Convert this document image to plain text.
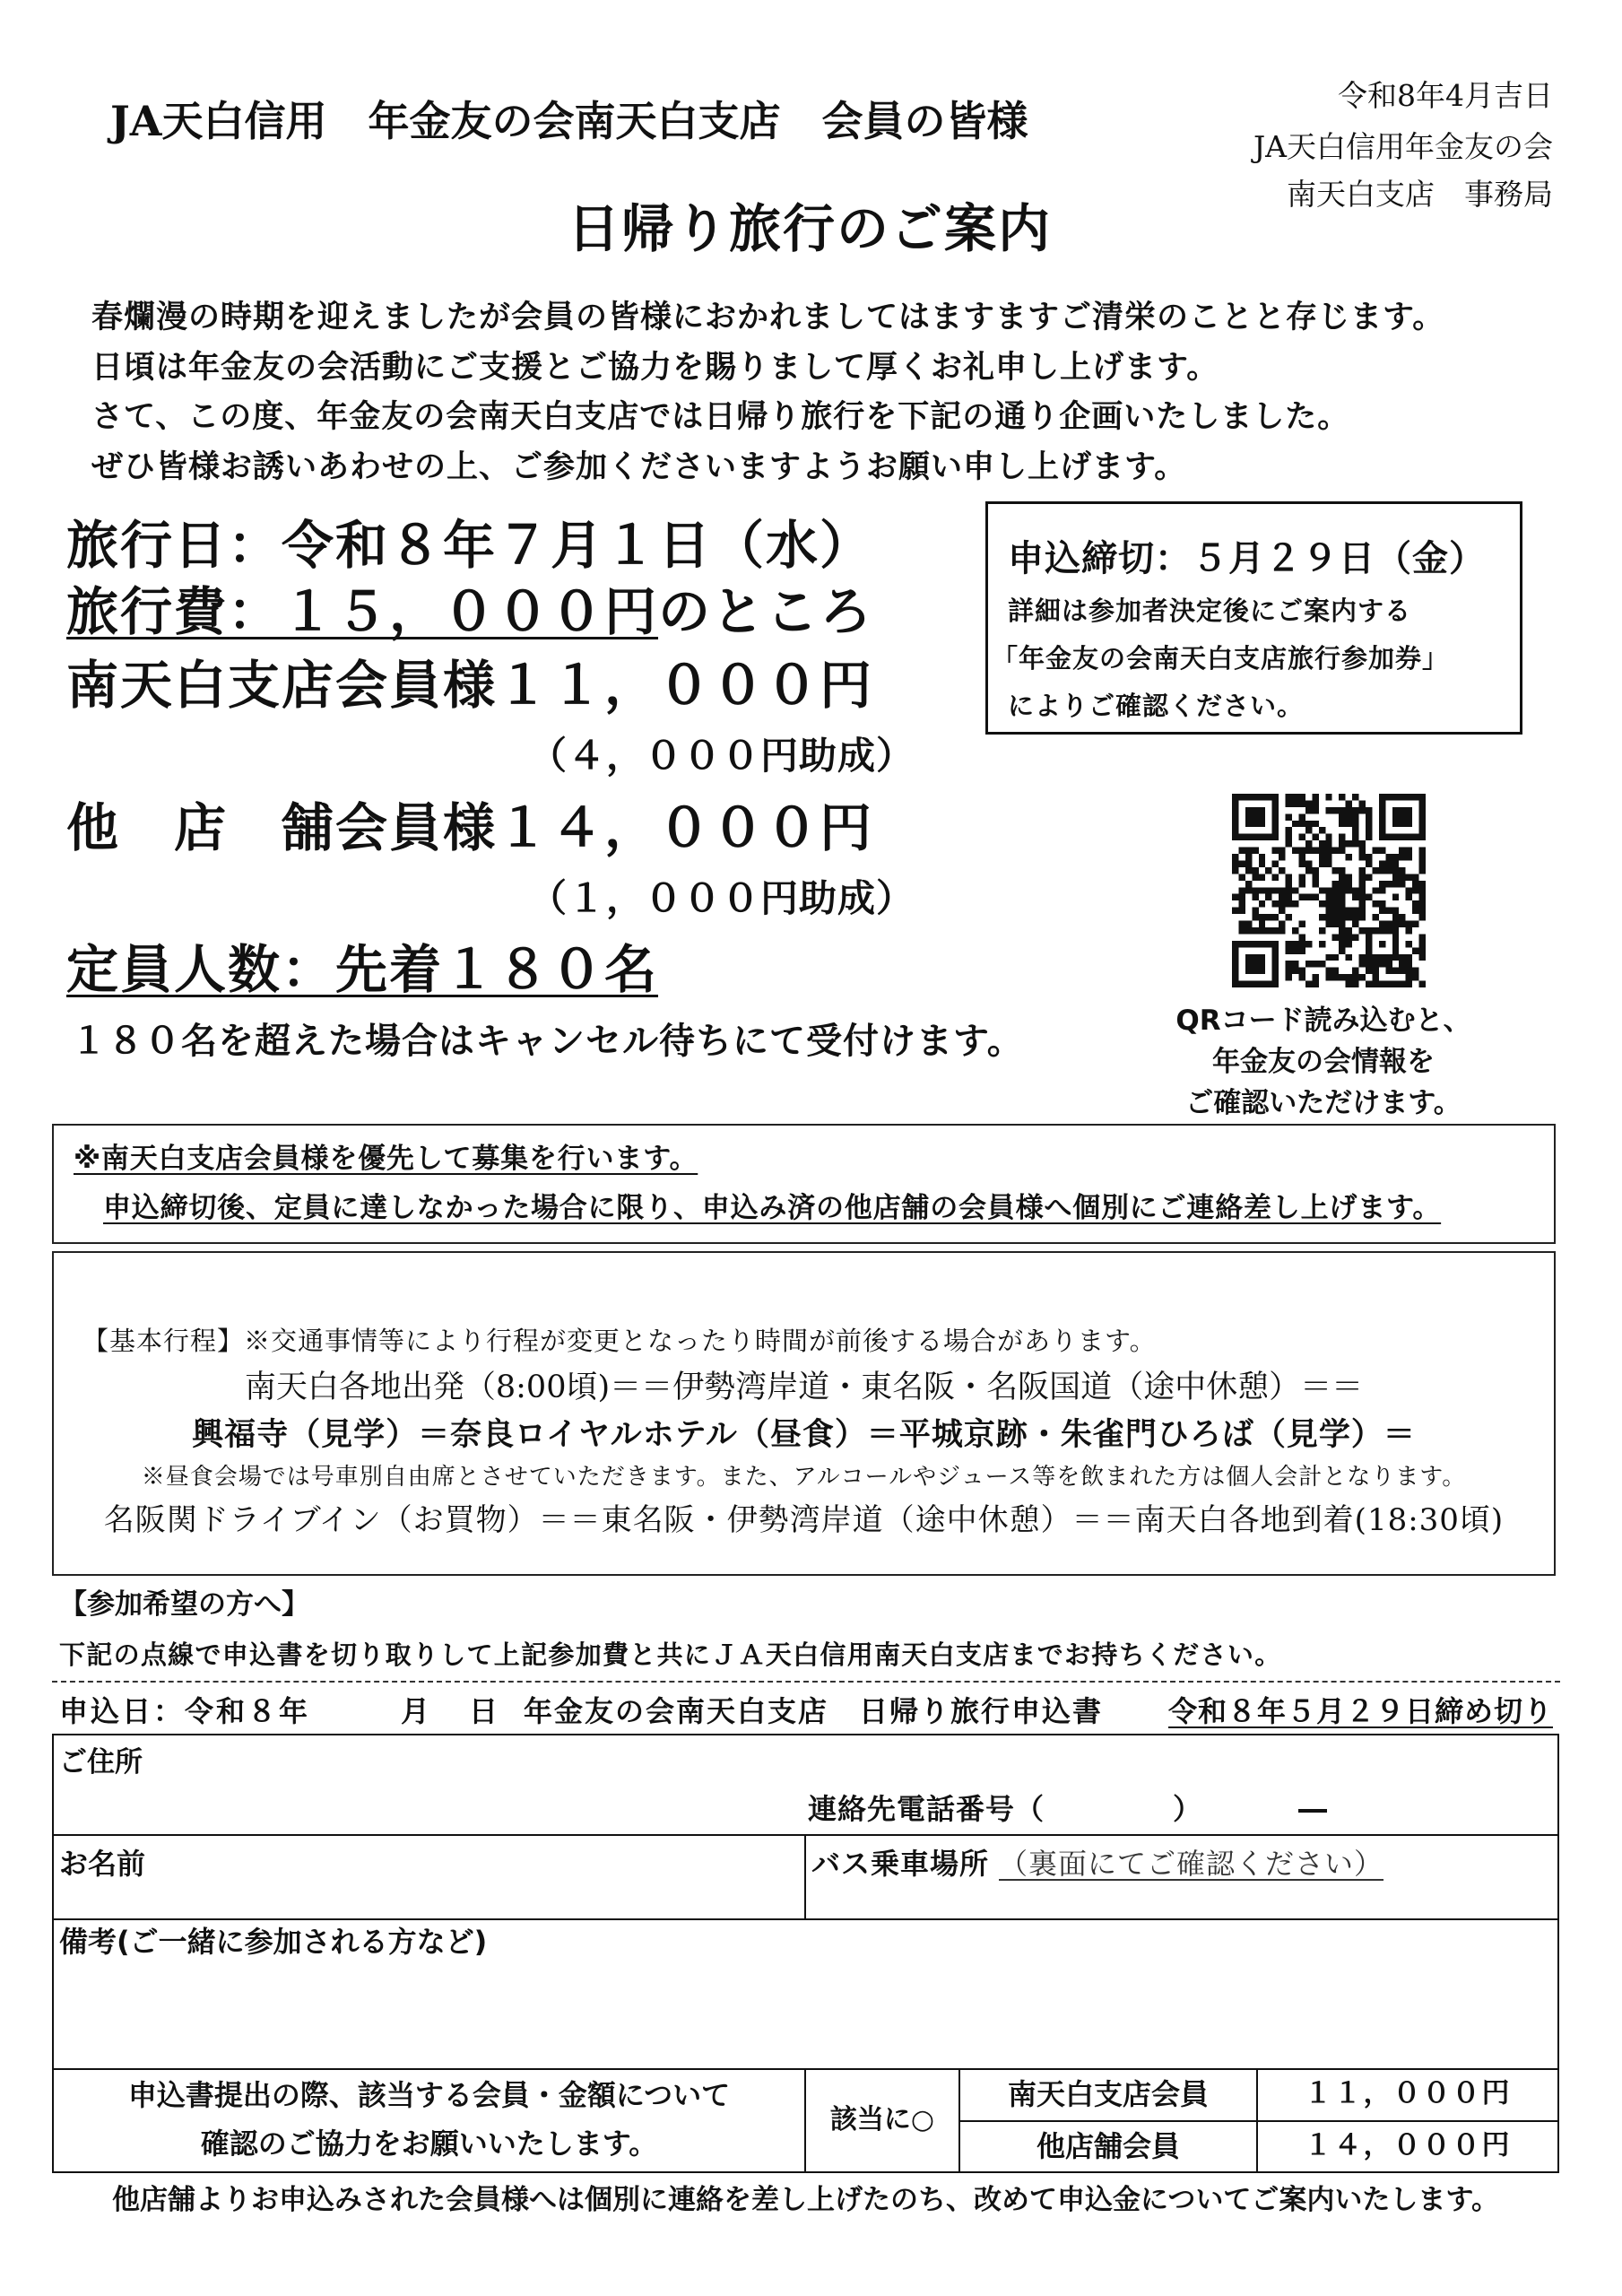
令和8年4月吉日
JA天白信用年金友の会
南天白支店　事務局
JA天白信用　年金友の会南天白支店　会員の皆様
日帰り旅行のご案内
春爛漫の時期を迎えましたが会員の皆様におかれましてはますますご清栄のことと存じます。
日頃は年金友の会活動にご支援とご協力を賜りまして厚くお礼申し上げます。
さて、この度、年金友の会南天白支店では日帰り旅行を下記の通り企画いたしました。
ぜひ皆様お誘いあわせの上、ご参加くださいますようお願い申し上げます。
旅行日：令和８年７月１日（水）
旅行費：１５，０００円のところ
南天白支店会員様１１，０００円
（４，０００円助成）
他　店　舗会員様１４，０００円
（１，０００円助成）
定員人数：先着１８０名
１８０名を超えた場合はキャンセル待ちにて受付けます。
申込締切：５月２９日（金）
詳細は参加者決定後にご案内する
「年金友の会南天白支店旅行参加券」
によりご確認ください。
QRコード読み込むと、
年金友の会情報を
ご確認いただけます。
※南天白支店会員様を優先して募集を行います。
申込締切後、定員に達しなかった場合に限り、申込み済の他店舗の会員様へ個別にご連絡差し上げます。
【基本行程】※交通事情等により行程が変更となったり時間が前後する場合があります。
南天白各地出発（8:00頃)＝＝伊勢湾岸道・東名阪・名阪国道（途中休憩）＝＝
興福寺（見学）＝奈良ロイヤルホテル（昼食）＝平城京跡・朱雀門ひろば（見学）＝
※昼食会場では号車別自由席とさせていただきます。また、アルコールやジュース等を飲まれた方は個人会計となります。
名阪関ドライブイン（お買物）＝＝東名阪・伊勢湾岸道（途中休憩）＝＝南天白各地到着(18:30頃)
【参加希望の方へ】
下記の点線で申込書を切り取りして上記参加費と共にＪＡ天白信用南天白支店までお持ちください。
申込日：令和８年	月 日 年金友の会南天白支店　日帰り旅行申込書 令和８年５月２９日締め切り
ご住所
連絡先電話番号（	）	―
お名前	バス乗車場所 （裏面にてご確認ください）
備考(ご一緒に参加される方など)
申込書提出の際、該当する会員・金額について
確認のご協力をお願いいたします。
該当に○
南天白支店会員	１１，０００円
他店舗会員	１４，０００円
他店舗よりお申込みされた会員様へは個別に連絡を差し上げたのち、改めて申込金についてご案内いたします。
